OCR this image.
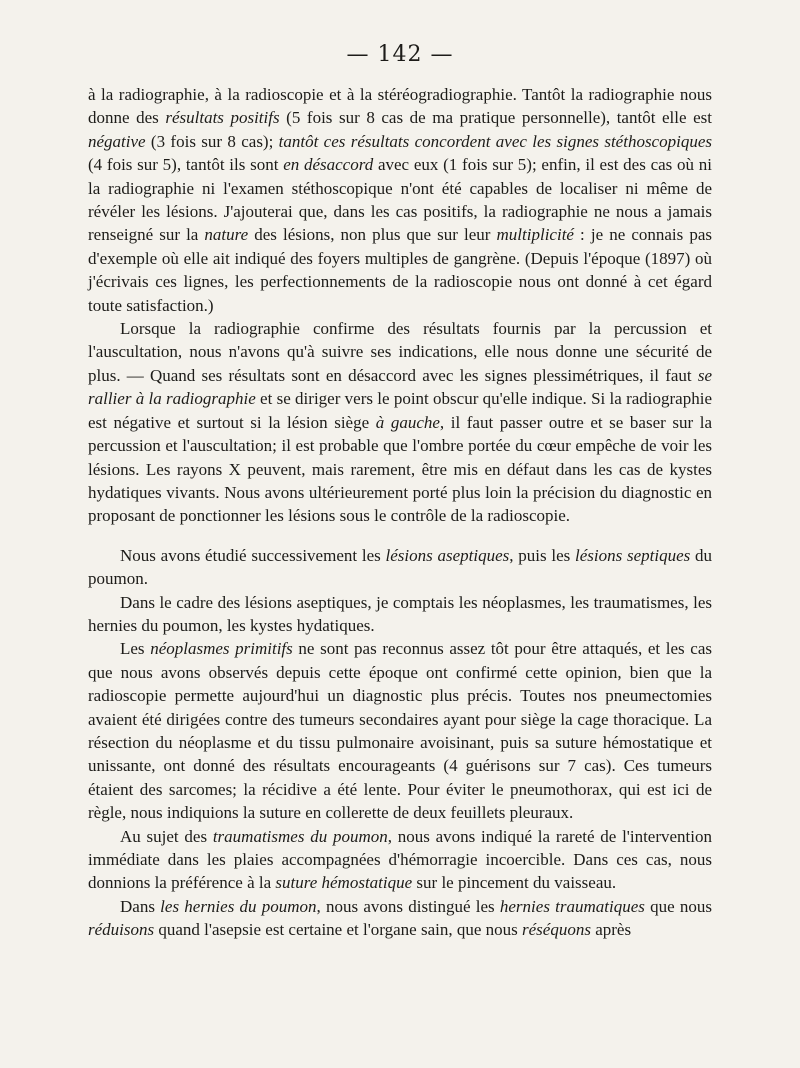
— 142 —

à la radiographie, à la radioscopie et à la stéréogradiographie. Tantôt la radiographie nous donne des résultats positifs (5 fois sur 8 cas de ma pratique personnelle), tantôt elle est négative (3 fois sur 8 cas); tantôt ces résultats concordent avec les signes stéthoscopiques (4 fois sur 5), tantôt ils sont en désaccord avec eux (1 fois sur 5); enfin, il est des cas où ni la radiographie ni l'examen stéthoscopique n'ont été capables de localiser ni même de révéler les lésions. J'ajouterai que, dans les cas positifs, la radiographie ne nous a jamais renseigné sur la nature des lésions, non plus que sur leur multiplicité : je ne connais pas d'exemple où elle ait indiqué des foyers multiples de gangrène. (Depuis l'époque (1897) où j'écrivais ces lignes, les perfectionnements de la radioscopie nous ont donné à cet égard toute satisfaction.)

Lorsque la radiographie confirme des résultats fournis par la percussion et l'auscultation, nous n'avons qu'à suivre ses indications, elle nous donne une sécurité de plus. — Quand ses résultats sont en désaccord avec les signes plessimétriques, il faut se rallier à la radiographie et se diriger vers le point obscur qu'elle indique. Si la radiographie est négative et surtout si la lésion siège à gauche, il faut passer outre et se baser sur la percussion et l'auscultation; il est probable que l'ombre portée du cœur empêche de voir les lésions. Les rayons X peuvent, mais rarement, être mis en défaut dans les cas de kystes hydatiques vivants. Nous avons ultérieurement porté plus loin la précision du diagnostic en proposant de ponctionner les lésions sous le contrôle de la radioscopie.

Nous avons étudié successivement les lésions aseptiques, puis les lésions septiques du poumon.

Dans le cadre des lésions aseptiques, je comptais les néoplasmes, les traumatismes, les hernies du poumon, les kystes hydatiques.

Les néoplasmes primitifs ne sont pas reconnus assez tôt pour être attaqués, et les cas que nous avons observés depuis cette époque ont confirmé cette opinion, bien que la radioscopie permette aujourd'hui un diagnostic plus précis. Toutes nos pneumectomies avaient été dirigées contre des tumeurs secondaires ayant pour siège la cage thoracique. La résection du néoplasme et du tissu pulmonaire avoisinant, puis sa suture hémostatique et unissante, ont donné des résultats encourageants (4 guérisons sur 7 cas). Ces tumeurs étaient des sarcomes; la récidive a été lente. Pour éviter le pneumothorax, qui est ici de règle, nous indiquions la suture en collerette de deux feuillets pleuraux.

Au sujet des traumatismes du poumon, nous avons indiqué la rareté de l'intervention immédiate dans les plaies accompagnées d'hémorragie incoercible. Dans ces cas, nous donnions la préférence à la suture hémostatique sur le pincement du vaisseau.

Dans les hernies du poumon, nous avons distingué les hernies traumatiques que nous réduisons quand l'asepsie est certaine et l'organe sain, que nous réséquons après
